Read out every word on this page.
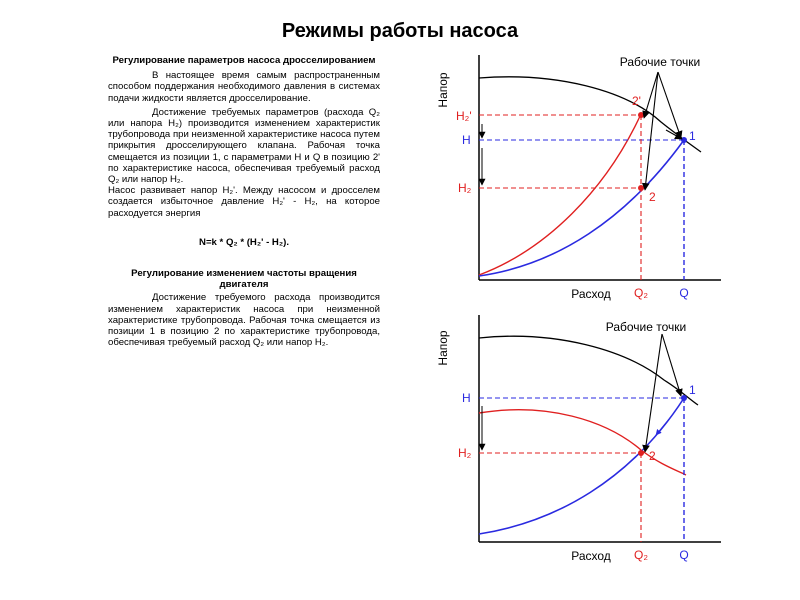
Режимы работы насоса

Регулирование параметров насоса дросселированием

В настоящее время самым распространенным способом поддержания необходимого давления в системах подачи жидкости является дросселирование.

Достижение требуемых параметров (расхода Q₂ или напора H₂) производится изменением характеристик трубопровода при неизменной характеристике насоса путем прикрытия дросселирующего клапана. Рабочая точка смещается из позиции 1, с параметрами H и Q в позицию 2' по характеристике насоса, обеспечивая требуемый расход Q₂ или напор H₂.

Насос развивает напор H₂'. Между насосом и дросселем создается избыточное давление H₂' - H₂, на которое расходуется энергия

N=k * Q₂ * (H₂' - H₂).

Регулирование изменением частоты вращения двигателя

Достижение требуемого расхода производится изменением характеристик насоса при неизменной характеристике трубопровода. Рабочая точка смещается из позиции 1 в позицию 2 по характеристике трубопровода, обеспечивая требуемый расход Q₂ или напор H₂.

Напор
Расход
Рабочие точки
H₂'
H
H₂
Q₂	Q
2'
1
2
Напор
Расход
Рабочие точки
H
H₂
Q₂	Q
1
2
